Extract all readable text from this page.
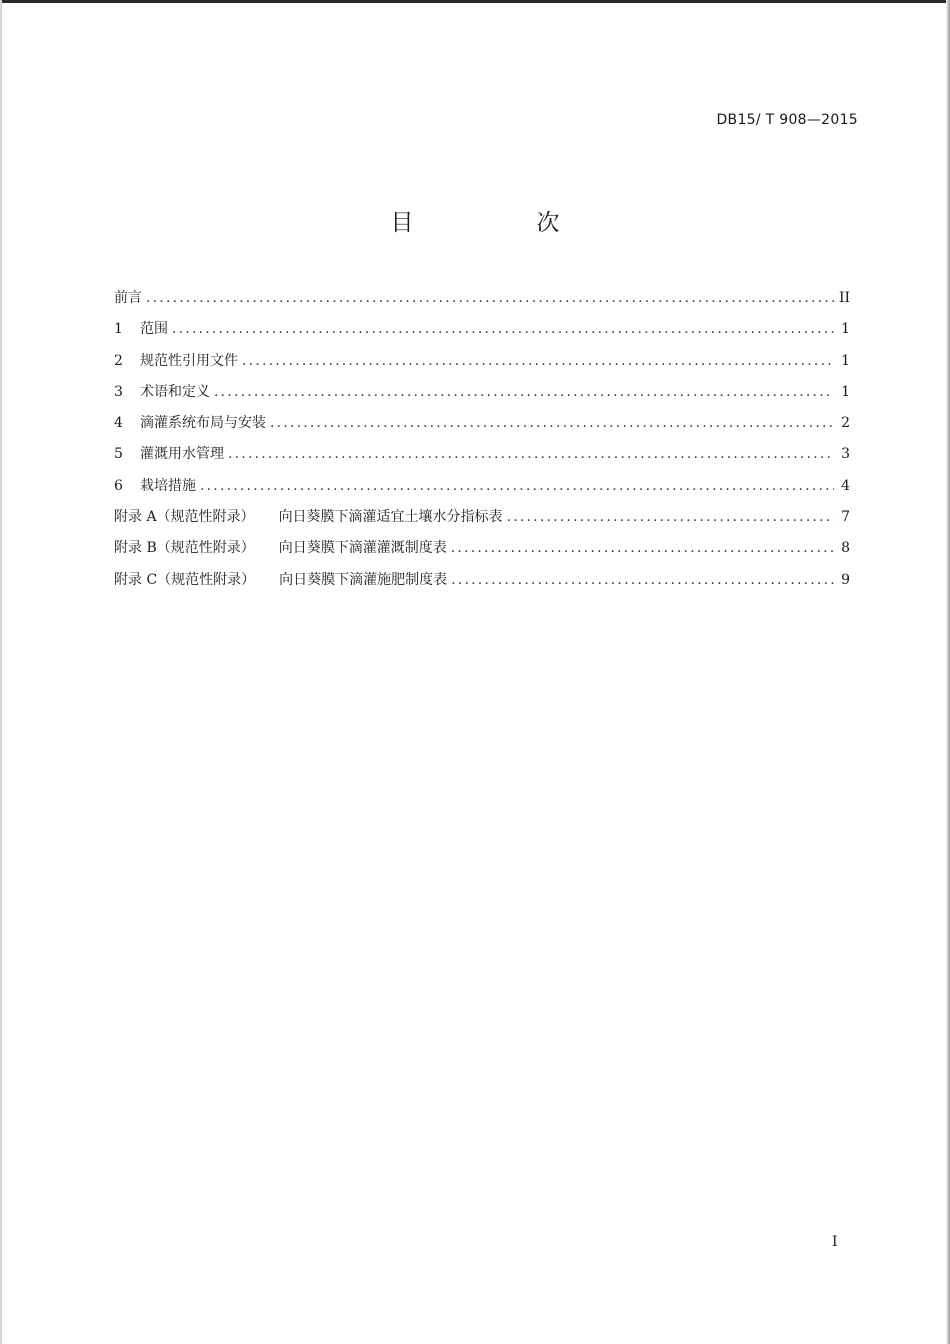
DB15/ T 908—2015
目　次
前言 .....	II
1	范围 .....	1
2	规范性引用文件 .....	1
3	术语和定义 .....	1
4	滴灌系统布局与安装 .....	2
5	灌溉用水管理 .....	3
6	栽培措施 .....	4
附录 A（规范性附录） 向日葵膜下滴灌适宜土壤水分指标表 .....	7
附录 B（规范性附录） 向日葵膜下滴灌灌溉制度表 .....	8
附录 C（规范性附录） 向日葵膜下滴灌施肥制度表 .....	9
I
